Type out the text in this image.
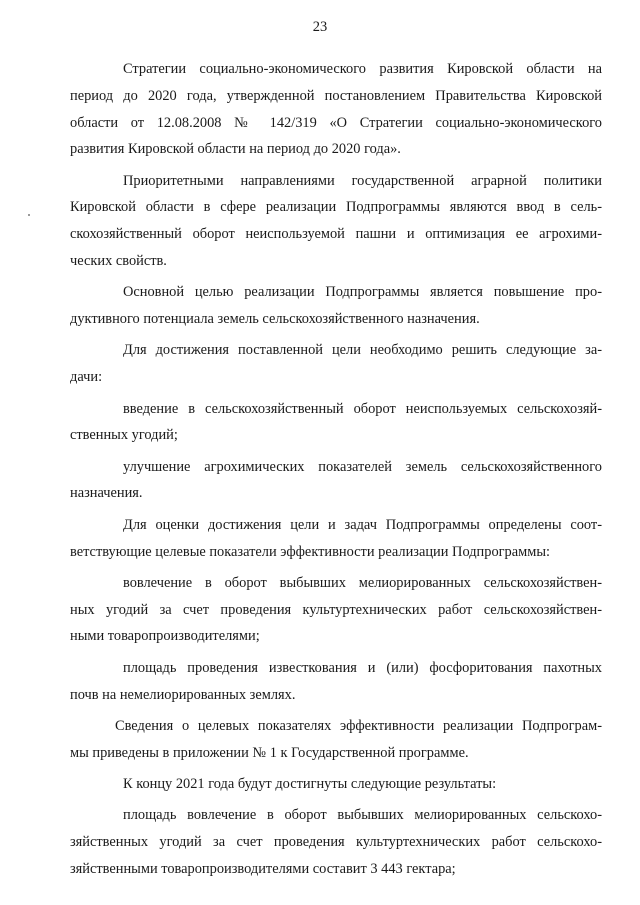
23

Стратегии социально-экономического развития Кировской области на
период до 2020 года, утвержденной постановлением Правительства Кировской
области от 12.08.2008 № 142/319 «О Стратегии социально-экономического
развития Кировской области на период до 2020 года».

Приоритетными направлениями государственной аграрной политики
Кировской области в сфере реализации Подпрограммы являются ввод в сель-
скохозяйственный оборот неиспользуемой пашни и оптимизация ее агрохими-
ческих свойств.

Основной целью реализации Подпрограммы является повышение про-
дуктивного потенциала земель сельскохозяйственного назначения.

Для достижения поставленной цели необходимо решить следующие за-
дачи:

введение в сельскохозяйственный оборот неиспользуемых сельскохозяй-
ственных угодий;

улучшение агрохимических показателей земель сельскохозяйственного
назначения.

Для оценки достижения цели и задач Подпрограммы определены соот-
ветствующие целевые показатели эффективности реализации Подпрограммы:

вовлечение в оборот выбывших мелиорированных сельскохозяйствен-
ных угодий за счет проведения культуртехнических работ сельскохозяйствен-
ными товаропроизводителями;

площадь проведения известкования и (или) фосфоритования пахотных
почв на немелиорированных землях.

Сведения о целевых показателях эффективности реализации Подпрограм-
мы приведены в приложении № 1 к Государственной программе.

К концу 2021 года будут достигнуты следующие результаты:

площадь вовлечение в оборот выбывших мелиорированных сельскохо-
зяйственных угодий за счет проведения культуртехнических работ сельскохо-
зяйственными товаропроизводителями составит 3 443 гектара;
